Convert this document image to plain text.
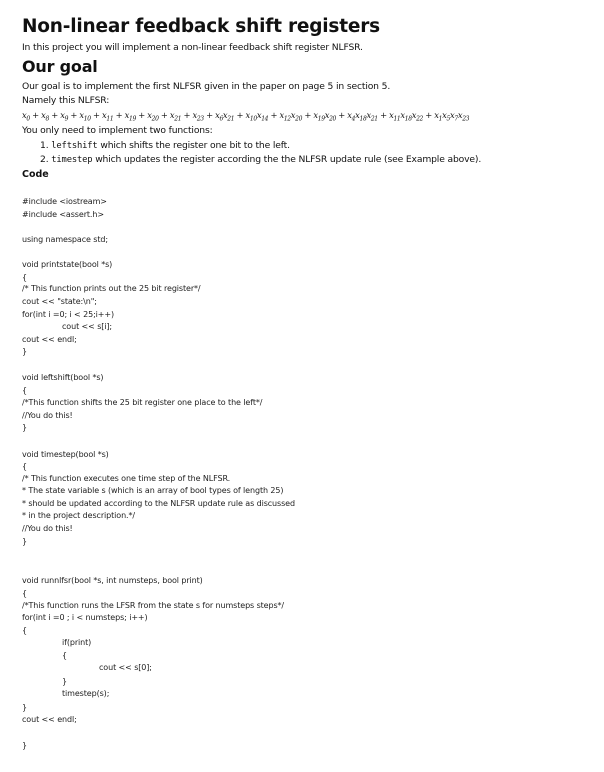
Non-linear feedback shift registers
In this project you will implement a non-linear feedback shift register NLFSR.
Our goal
Our goal is to implement the first NLFSR given in the paper on page 5 in section 5.
Namely this NLFSR:
$x_0 + x_8 + x_9 + x_{10} + x_{11} + x_{19} + x_{20} + x_{21} + x_{23} + x_6x_{21} + x_{10}x_{14} + x_{12}x_{20} + x_{19}x_{20} + x_4x_{18}x_{21} + x_{11}x_{18}x_{22} + x_1x_5x_7x_{23}$
You only need to implement two functions:
1. leftshift which shifts the register one bit to the left.
2. timestep which updates the register according the the NLFSR update rule (see Example above).
Code
#include <iostream>
#include <assert.h>
using namespace std;
void printstate(bool *s)
{
/* This function prints out the 25 bit register*/
cout << "state:\n";
for(int i =0; i < 25;i++)
cout << s[i];
cout << endl;
}
void leftshift(bool *s)
{
/*This function shifts the 25 bit register one place to the left*/
//You do this!
}
void timestep(bool *s)
{
/* This function executes one time step of the NLFSR.
* The state variable s (which is an array of bool types of length 25)
* should be updated according to the NLFSR update rule as discussed
* in the project description.*/
//You do this!
}
void runnlfsr(bool *s, int numsteps, bool print)
{
/*This function runs the LFSR from the state s for numsteps steps*/
for(int i =0 ; i < numsteps; i++)
{
if(print)
{
cout << s[0];
}
timestep(s);
}
cout << endl;
}
